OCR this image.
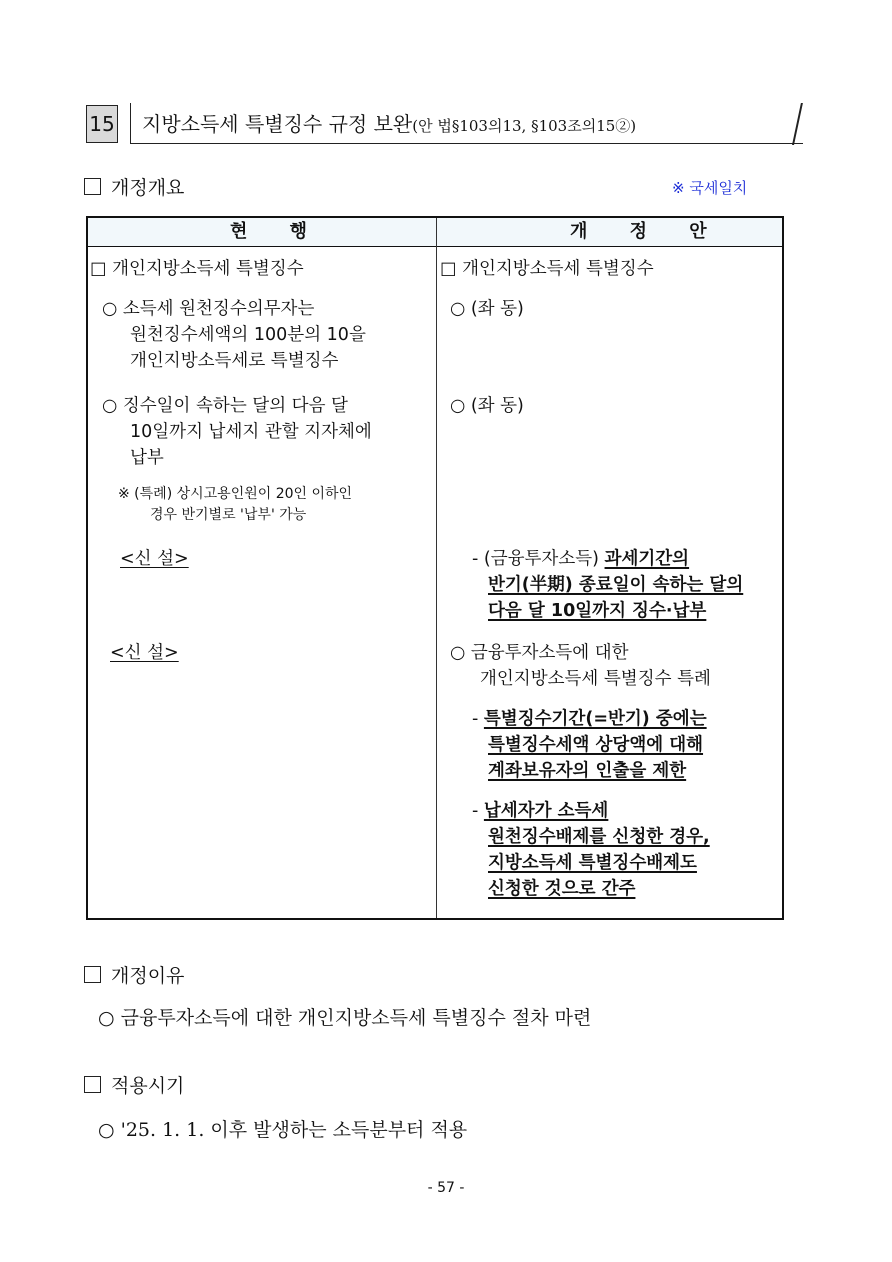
15 지방소득세 특별징수 규정 보완(안 법§103의13, §103조의15②)
개정개요	※ 국세일치
현 행	개 정 안
□ 개인지방소득세 특별징수
○ 소득세 원천징수의무자는
원천징수세액의 100분의 10을
개인지방소득세로 특별징수
○ 징수일이 속하는 달의 다음 달
10일까지 납세지 관할 지자체에
납부
※ (특례) 상시고용인원이 20인 이하인
경우 반기별로 '납부' 가능
<신 설>
<신 설>
□ 개인지방소득세 특별징수
○ (좌 동)
○ (좌 동)
- (금융투자소득) 과세기간의
반기(半期) 종료일이 속하는 달의
다음 달 10일까지 징수·납부
○ 금융투자소득에 대한
개인지방소득세 특별징수 특례
- 특별징수기간(=반기) 중에는
특별징수세액 상당액에 대해
계좌보유자의 인출을 제한
- 납세자가 소득세
원천징수배제를 신청한 경우,
지방소득세 특별징수배제도
신청한 것으로 간주
개정이유
○ 금융투자소득에 대한 개인지방소득세 특별징수 절차 마련
적용시기
○ '25. 1. 1. 이후 발생하는 소득분부터 적용
- 57 -
